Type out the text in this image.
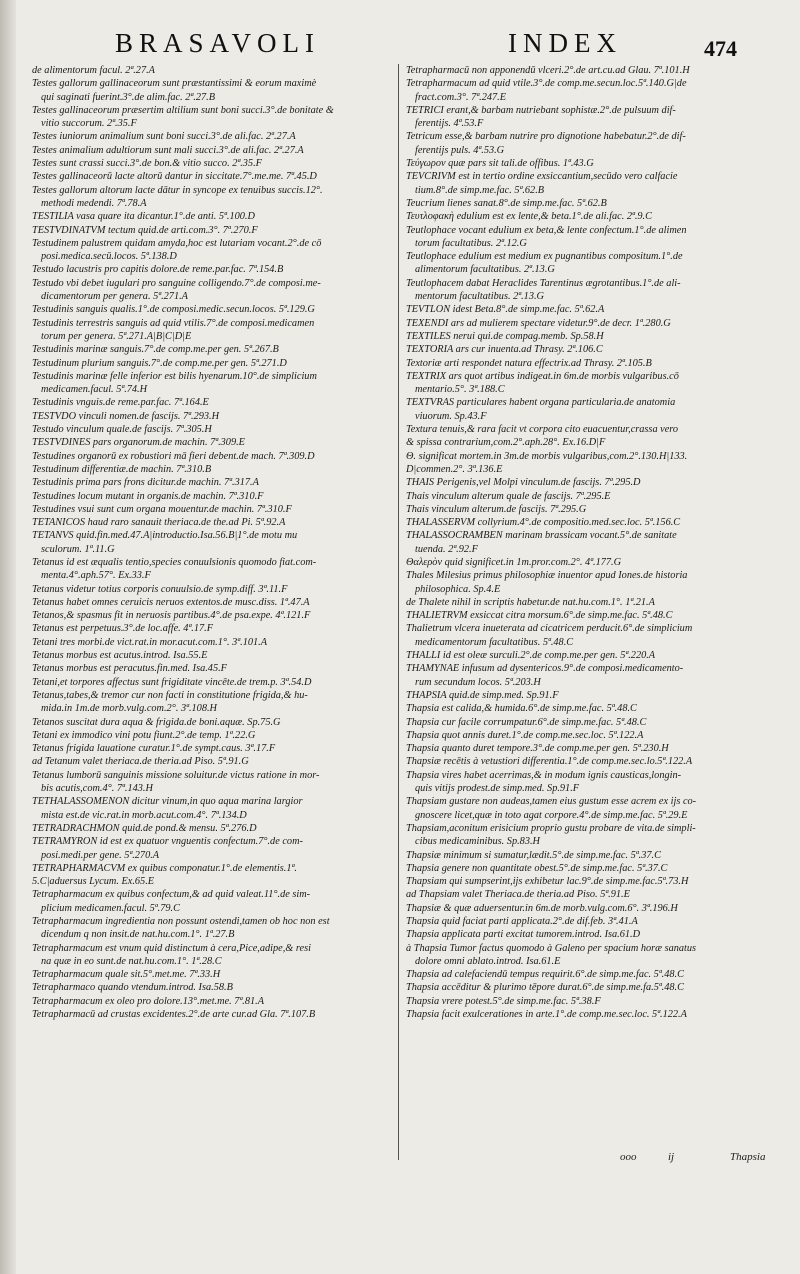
BRASAVOLI	INDEX	474
de alimentorum facul. 2ª.27.A
Testes gallorum gallinaceorum sunt præstantissimi & eorum maximè
qui saginati fuerint.3°.de alim.fac. 2ª.27.B
Testes gallinaceorum præsertim altilium sunt boni succi.3°.de bonitate &
vitio succorum. 2ª.35.F
Testes iuniorum animalium sunt boni succi.3°.de ali.fac. 2ª.27.A
Testes animalium adultiorum sunt mali succi.3°.de ali.fac. 2ª.27.A
Testes sunt crassi succi.3°.de bon.& vitio succo. 2ª.35.F
Testes gallinaceorū lacte altorū dantur in siccitate.7°.me.me. 7ª.45.D
Testes gallorum altorum lacte dātur in syncope ex tenuibus succis.12°.
methodi medendi. 7ª.78.A
TESTILIA vasa quare ita dicantur.1°.de anti. 5ª.100.D
TESTVDINATVM tectum quid.de arti.com.3°. 7ª.270.F
Testudinem palustrem quidam amyda,hoc est lutariam vocant.2°.de cō
posi.medica.secū.locos. 5ª.138.D
Testudo lacustris pro capitis dolore.de reme.par.fac. 7ª.154.B
Testudo vbi debet iugulari pro sanguine colligendo.7°.de composi.me-
dicamentorum per genera. 5ª.271.A
Testudinis sanguis qualis.1°.de composi.medic.secun.locos. 5ª.129.G
Testudinis terrestris sanguis ad quid vtilis.7°.de composi.medicamen
torum per genera. 5ª.271.A|B|C|D|E
Testudinis marinæ sanguis.7°.de comp.me.per gen. 5ª.267.B
Testudinum plurium sanguis.7°.de comp.me.per gen. 5ª.271.D
Testudinis marinæ felle inferior est bilis hyenarum.10°.de simplicium
medicamen.facul. 5ª.74.H
Testudinis vnguis.de reme.par.fac. 7ª.164.E
TESTVDO vinculi nomen.de fascijs. 7ª.293.H
Testudo vinculum quale.de fascijs. 7ª.305.H
TESTVDINES pars organorum.de machin. 7ª.309.E
Testudines organorū ex robustiori mā fieri debent.de mach. 7ª.309.D
Testudinum differentiæ.de machin. 7ª.310.B
Testudinis prima pars frons dicitur.de machin. 7ª.317.A
Testudines locum mutant in organis.de machin. 7ª.310.F
Testudines vsui sunt cum organa mouentur.de machin. 7ª.310.F
TETANICOS haud raro sanauit theriaca.de the.ad Pi. 5ª.92.A
TETANVS quid.fin.med.47.A|introductio.Isa.56.B|1°.de motu mu
sculorum. 1ª.11.G
Tetanus id est æqualis tentio,species conuulsionis quomodo fiat.com-
menta.4°.aph.57°. Ex.33.F
Tetanus videtur totius corporis conuulsio.de symp.diff. 3ª.11.F
Tetanus habet omnes ceruicis neruos extentos.de musc.diss. 1ª.47.A
Tetanos,& spasmus fit in neruosis partibus.4°.de psa.expe. 4ª.121.F
Tetanus est perpetuus.3°.de loc.affe. 4ª.17.F
Tetani tres morbi.de vict.rat.in mor.acut.com.1°. 3ª.101.A
Tetanus morbus est acutus.introd. Isa.55.E
Tetanus morbus est peracutus.fin.med. Isa.45.F
Tetani,et torpores affectus sunt frigiditate vincēte.de trem.p. 3ª.54.D
Tetanus,tabes,& tremor cur non facti in constitutione frigida,& hu-
mida.in 1m.de morb.vulg.com.2°. 3ª.108.H
Tetanos suscitat dura aqua & frigida.de boni.aquæ. Sp.75.G
Tetani ex immodico vini potu fiunt.2°.de temp. 1ª.22.G
Tetanus frigida lauatione curatur.1°.de sympt.caus. 3ª.17.F
ad Tetanum valet theriaca.de theria.ad Piso. 5ª.91.G
Tetanus lumborū sanguinis missione soluitur.de victus ratione in mor-
bis acutis,com.4°. 7ª.143.H
TETHALASSOMENON dicitur vinum,in quo aqua marina largior
mista est.de vic.rat.in morb.acut.com.4°. 7ª.134.D
TETRADRACHMON quid.de pond.& mensu. 5ª.276.D
TETRAMYRON id est ex quatuor vnguentis confectum.7°.de com-
posi.medi.per gene. 5ª.270.A
TETRAPHARMACVM ex quibus componatur.1°.de elementis.1ª.
5.C|aduersus Lycum. Ex.65.E
Tetrapharmacum ex quibus confectum,& ad quid valeat.11°.de sim-
plicium medicamen.facul. 5ª.79.C
Tetrapharmacum ingredientia non possunt ostendi,tamen ob hoc non est
dicendum q non insit.de nat.hu.com.1°. 1ª.27.B
Tetrapharmacum est vnum quid distinctum à cera,Pice,adipe,& resi
na quæ in eo sunt.de nat.hu.com.1°. 1ª.28.C
Tetrapharmacum quale sit.5°.met.me. 7ª.33.H
Tetrapharmaco quando vtendum.introd. Isa.58.B
Tetrapharmacum ex oleo pro dolore.13°.met.me. 7ª.81.A
Tetrapharmacū ad crustas excidentes.2°.de arte cur.ad Gla. 7ª.107.B
Tetrapharmacū non apponendū vlceri.2°.de art.cu.ad Glau. 7ª.101.H
Tetrapharmacum ad quid vtile.3°.de comp.me.secun.loc.5ª.140.G|de
fract.com.3°. 7ª.247.E
TETRICI erant,& barbam nutriebant sophistæ.2°.de pulsuum dif-
ferentijs. 4ª.53.F
Tetricum esse,& barbam nutrire pro dignotione habebatur.2°.de dif-
ferentijs puls. 4ª.53.G
Τεύγωρον quæ pars sit tali.de offibus. 1ª.43.G
TEVCRIVM est in tertio ordine exsiccantium,secūdo vero calfacie
tium.8°.de simp.me.fac. 5ª.62.B
Teucrium lienes sanat.8°.de simp.me.fac. 5ª.62.B
Τευτλοφακὴ edulium est ex lente,& beta.1°.de ali.fac. 2ª.9.C
Teutlophace vocant edulium ex beta,& lente confectum.1°.de alimen
torum facultatibus. 2ª.12.G
Teutlophace edulium est medium ex pugnantibus compositum.1°.de
alimentorum facultatibus. 2ª.13.G
Teutlophacem dabat Heraclides Tarentinus ægrotantibus.1°.de ali-
mentorum facultatibus. 2ª.13.G
TEVTLON idest Beta.8°.de simp.me.fac. 5ª.62.A
TEXENDI ars ad mulierem spectare videtur.9°.de decr. 1ª.280.G
TEXTILES nerui qui.de compag.memb. Sp.58.H
TEXTORIA ars cur inuenta.ad Thrasy. 2ª.106.C
Textoriæ arti respondet natura effectrix.ad Thrasy. 2ª.105.B
TEXTRIX ars quot artibus indigeat.in 6m.de morbis vulgaribus.cō
mentario.5°. 3ª.188.C
TEXTVRAS particulares habent organa particularia.de anatomia
viuorum. Sp.43.F
Textura tenuis,& rara facit vt corpora cito euacuentur,crassa vero
& spissa contrarium,com.2°.aph.28°. Ex.16.D|F
Θ. significat mortem.in 3m.de morbis vulgaribus,com.2°.130.H|133.
D|commen.2°. 3ª.136.E
THAIS Perigenis,vel Molpi vinculum.de fascijs. 7ª.295.D
Thais vinculum alterum quale de fascijs. 7ª.295.E
Thais vinculum alterum.de fascijs. 7ª.295.G
THALASSERVM collyrium.4°.de compositio.med.sec.loc. 5ª.156.C
THALASSOCRAMBEN marinam brassicam vocant.5°.de sanitate
tuenda. 2ª.92.F
Θαλερὸν quid significet.in 1m.pror.com.2°. 4ª.177.G
Thales Milesius primus philosophiæ inuentor apud Iones.de historia
philosophica. Sp.4.E
de Thalete nihil in scriptis habetur.de nat.hu.com.1°. 1ª.21.A
THALIETRVM exsiccat citra morsum.6°.de simp.me.fac. 5ª.48.C
Thalietrum vlcera inueterata ad cicatricem perducit.6°.de simplicium
medicamentorum facultatibus. 5ª.48.C
THALLI id est oleæ surculi.2°.de comp.me.per gen. 5ª.220.A
THAMYNAE infusum ad dysentericos.9°.de composi.medicamento-
rum secundum locos. 5ª.203.H
THAPSIA quid.de simp.med. Sp.91.F
Thapsia est calida,& humida.6°.de simp.me.fac. 5ª.48.C
Thapsia cur facile corrumpatur.6°.de simp.me.fac. 5ª.48.C
Thapsia quot annis duret.1°.de comp.me.sec.loc. 5ª.122.A
Thapsia quanto duret tempore.3°.de comp.me.per gen. 5ª.230.H
Thapsiæ recētis à vetustiori differentia.1°.de comp.me.sec.lo.5ª.122.A
Thapsia vires habet acerrimas,& in modum ignis causticas,longin-
quis vitijs prodest.de simp.med. Sp.91.F
Thapsiam gustare non audeas,tamen eius gustum esse acrem ex ijs co-
gnoscere licet,quæ in toto agat corpore.4°.de simp.me.fac. 5ª.29.E
Thapsiam,aconitum erisicium proprio gustu probare de vita.de simpli-
cibus medicaminibus. Sp.83.H
Thapsiæ minimum si sumatur,lædit.5°.de simp.me.fac. 5ª.37.C
Thapsia genere non quantitate obest.5°.de simp.me.fac. 5ª.37.C
Thapsiam qui sumpserint,ijs exhibetur lac.9°.de simp.me.fac.5ª.73.H
ad Thapsiam valet Theriaca.de theria.ad Piso. 5ª.91.E
Thapsiæ & quæ aduersentur.in 6m.de morb.vulg.com.6°. 3ª.196.H
Thapsia quid faciat parti applicata.2°.de dif.feb. 3ª.41.A
Thapsia applicata parti excitat tumorem.introd. Isa.61.D
à Thapsia Tumor factus quomodo à Galeno per spacium horæ sanatus
dolore omni ablato.introd. Isa.61.E
Thapsia ad calefaciendū tempus requirit.6°.de simp.me.fac. 5ª.48.C
Thapsia accēditur & plurimo tēpore durat.6°.de simp.me.fa.5ª.48.C
Thapsia vrere potest.5°.de simp.me.fac. 5ª.38.F
Thapsia facit exulcerationes in arte.1°.de comp.me.sec.loc. 5ª.122.A
ooo	ij	Thapsia
